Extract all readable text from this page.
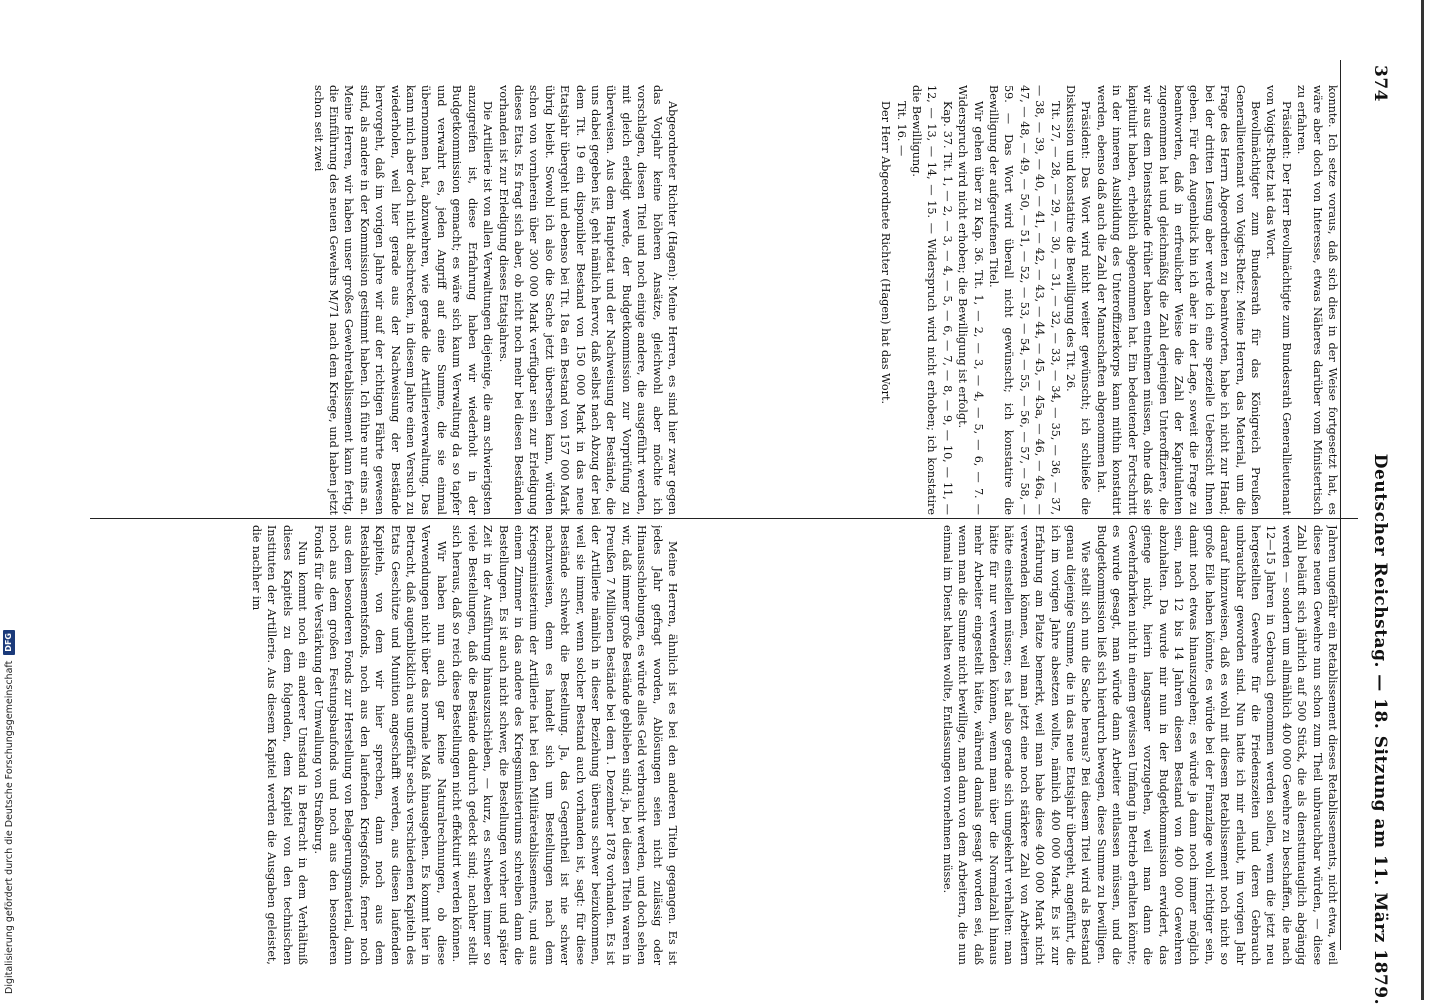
374
Deutscher Reichstag. — 18. Sitzung am 11. März 1879.

konnte. Ich setze voraus, daß sich dies in der Weise fortgesetzt hat, es wäre aber doch von Interesse, etwas Näheres darüber vom Ministertisch zu erfahren.

Präsident: Der Herr Bevollmächtigte zum Bundesrath Generallieutenant von Voigts-Rhetz hat das Wort.

Bevollmächtigter zum Bundesrath für das Königreich Preußen Generallieutenant von Voigts-Rhetz: Meine Herren, das Material, um die Frage des Herrn Abgeordneten zu beantworten, habe ich nicht zur Hand; bei der dritten Lesung aber werde ich eine spezielle Uebersicht Ihnen geben. Für den Augenblick bin ich aber in der Lage, soweit die Frage zu beantworten, daß in erfreulicher Weise die Zahl der Kapitulanten zugenommen hat und gleichmäßig die Zahl derjenigen Unteroffiziere, die wir aus dem Dienststande früher haben entnehmen müssen, ohne daß sie kapitulirt haben, erheblich abgenommen hat. Ein bedeutender Fortschritt in der inneren Ausbildung des Unteroffizierkorps kann mithin konstatirt werden, ebenso daß auch die Zahl der Mannschaften abgenommen hat.

Präsident: Das Wort wird nicht weiter gewünscht; ich schließe die Diskussion und konstatire die Bewilligung des Tit. 26.

Tit. 27, — 28, — 29, — 30, — 31, — 32, — 33, — 34, — 35, — 36, — 37, — 38, — 39, — 40, — 41, — 42, — 43, — 44, — 45, — 45a, — 46, — 46a, — 47, — 48, — 49, — 50, — 51, — 52, — 53, — 54, — 55, — 56, — 57, — 58, — 59. — Das Wort wird überall nicht gewünscht; ich konstatire die Bewilligung der aufgerufenen Titel.

Wir gehen über zu Kap. 36. Tit. 1, — 2, — 3, — 4, — 5, — 6, — 7. — Widerspruch wird nicht erhoben; die Bewilligung ist erfolgt.

Kap. 37. Tit. 1, — 2, — 3, — 4, — 5, — 6, — 7, — 8, — 9, — 10, — 11, — 12, — 13, — 14, — 15. — Widerspruch wird nicht erhoben; ich konstatire die Bewilligung.

Tit. 16. —

Der Herr Abgeordnete Richter (Hagen) hat das Wort.

Abgeordneter Richter (Hagen): Meine Herren, es sind hier zwar gegen das Vorjahr keine höheren Ansätze, gleichwohl aber möchte ich vorschlagen, diesen Titel und noch einige andere, die ausgeführt werden, mit gleich erledigt werde, der Budgetkommission zur Vorprüfung zu überweisen. Aus dem Hauptetat und der Nachweisung der Bestände, die uns dabei gegeben ist, geht nämlich hervor, daß selbst nach Abzug der bei dem Tit. 19 ein disponibler Bestand von 150 000 Mark in das neue Etatsjahr übergeht und ebenso bei Tit. 18a ein Bestand von 157 000 Mark übrig bleibt. Sowohl ich also die Sache jetzt übersehen kann, würden schon von vornherein über 300 000 Mark verfügbar sein zur Erledigung dieses Etats. Es fragt sich aber, ob nicht noch mehr bei diesen Beständen vorhanden ist zur Erledigung dieses Etatsjahres.

Die Artillerie ist von allen Verwaltungen diejenige, die am schwierigsten anzugreifen ist, diese Erfahrung haben wir wiederholt in der Budgetkommission gemacht; es wäre sich kaum Verwaltung da so tapfer und verwahrt es, jeden Angriff auf eine Summe, die sie einmal übernommen hat, abzuwehren, wie gerade die Artillerieverwaltung. Das kann mich aber doch nicht abschrecken, in diesem Jahre einen Versuch zu wiederholen, weil hier gerade aus der Nachweisung der Bestände hervorgeht, daß im vorigen Jahre wir auf der richtigen Fährte gewesen sind, als andere in der Kommission gestimmt haben. Ich führe nur eins an. Meine Herren, wir haben unser großes Gewehretablissement kann fertig, die Einführung des neuen Gewehrs M/71 nach dem Kriege, und haben jetzt schon seit zwei

Jahren ungefähr ein Retablissement dieses Retablissements, nicht etwa, weil diese neuen Gewehre nun schon zum Theil unbrauchbar würden, — diese Zahl beläuft sich jährlich auf 500 Stück, die als dienstuntauglich abgängig werden — sondern um allmählich 400 000 Gewehre zu beschaffen, die nach 12—15 Jahren in Gebrauch genommen werden sollen, wenn die jetzt neu hergestellten Gewehre für die Friedenszeiten und deren Gebrauch unbrauchbar geworden sind. Nun hatte ich mir erlaubt, im vorigen Jahr darauf hinzuweisen, daß es wohl mit diesem Retablissement noch nicht so große Eile haben könnte, es würde bei der Finanzlage wohl richtiger sein, damit noch etwas hinauszugehen; es würde ja dann noch immer möglich sein, nach 12 bis 14 Jahren diesen Bestand von 400 000 Gewehren abzuhalten. Da wurde mir nun in der Budgetkommission erwidert, das gienge nicht, hierin langsamer vorzugehen, weil man dann die Gewehrfabriken nicht in einem gewissen Umfang in Betrieb erhalten könnte; es wurde gesagt, man würde dann Arbeiter entlassen müssen, und die Budgetkommission ließ sich hierdurch bewegen, diese Summe zu bewilligen.

Wie stellt sich nun die Sache heraus? Bei diesem Titel wird als Bestand genau diejenige Summe, die in das neue Etatsjahr übergeht, angeführt, die ich im vorigen Jahre absetzen wollte, nämlich 400 000 Mark. Es ist zur Erfahrung am Platze bemerkt, weil man habe diese 400 000 Mark nicht verwenden können, weil man jetzt eine noch stärkere Zahl von Arbeitern hätte einstellen müssen; es hat also gerade sich umgekehrt verhalten: man hätte für nur verwenden können, wenn man über die Normalzahl hinaus mehr Arbeiter eingestellt hätte, während damals gesagt worden sei, daß wenn man die Summe nicht bewillige, man dann von dem Arbeitern, die nun einmal im Dienst halten wollte, Entlassungen vornehmen müsse.

Meine Herren, ähnlich ist es bei den anderen Titeln gegangen. Es ist jedes Jahr gefragt worden, Ablösungen seien nicht zulässig oder Hinausschiebungen, es würde alles Geld verbraucht werden, und doch sehen wir, daß immer große Bestände geblieben sind; ja, bei diesen Titeln waren in Preußen 7 Millionen Bestände bei dem 1. Dezember 1878 vorhanden. Es ist der Artillerie nämlich in dieser Beziehung überaus schwer beizukommen, weil sie immer, wenn solcher Bestand auch vorhanden ist, sagt: für diese Bestände schwebt die Bestellung. Ja, das Gegentheil ist nie schwer nachzuweisen, denn es handelt sich um Bestellungen nach dem Kriegsministerium der Artillerie hat bei den Militäretablissements, und aus einem Zimmer in das andere des Kriegsministeriums schreiben dann die Bestellungen. Es ist auch nicht schwer, die Bestellungen vorher und später Zeit in der Ausführung hinauszuschieben, — kurz, es schweben immer so viele Bestellungen, daß die Bestände dadurch gedeckt sind; nachher stellt sich heraus, daß so reich diese Bestellungen nicht effektuirt werden können.

Wir haben nun auch gar keine Naturalrechnungen, ob diese Verwendungen nicht über das normale Maß hinausgehen. Es kommt hier in Betracht, daß augenblicklich aus ungefähr sechs verschiedenen Kapiteln des Etats Geschütze und Munition angeschafft werden, aus diesen laufenden Kapiteln, von dem wir hier sprechen, dann noch aus dem Restablissementsfonds, noch aus den laufenden Kriegsfonds, ferner noch aus dem besonderen Fonds zur Herstellung von Belagerungsmaterial, dann noch aus dem großen Festungsbaufonds und noch aus den besonderen Fonds für die Verstärkung der Umwallung von Straßburg.

Nun kommt noch ein anderer Umstand in Betracht in dem Verhältniß dieses Kapitels zu dem folgenden, dem Kapitel von den technischen Instituten der Artillerie. Aus diesem Kapitel werden die Ausgaben geleistet, die nachher im

Digitalisierung gefördert durch die Deutsche Forschungsgemeinschaft
DFG
